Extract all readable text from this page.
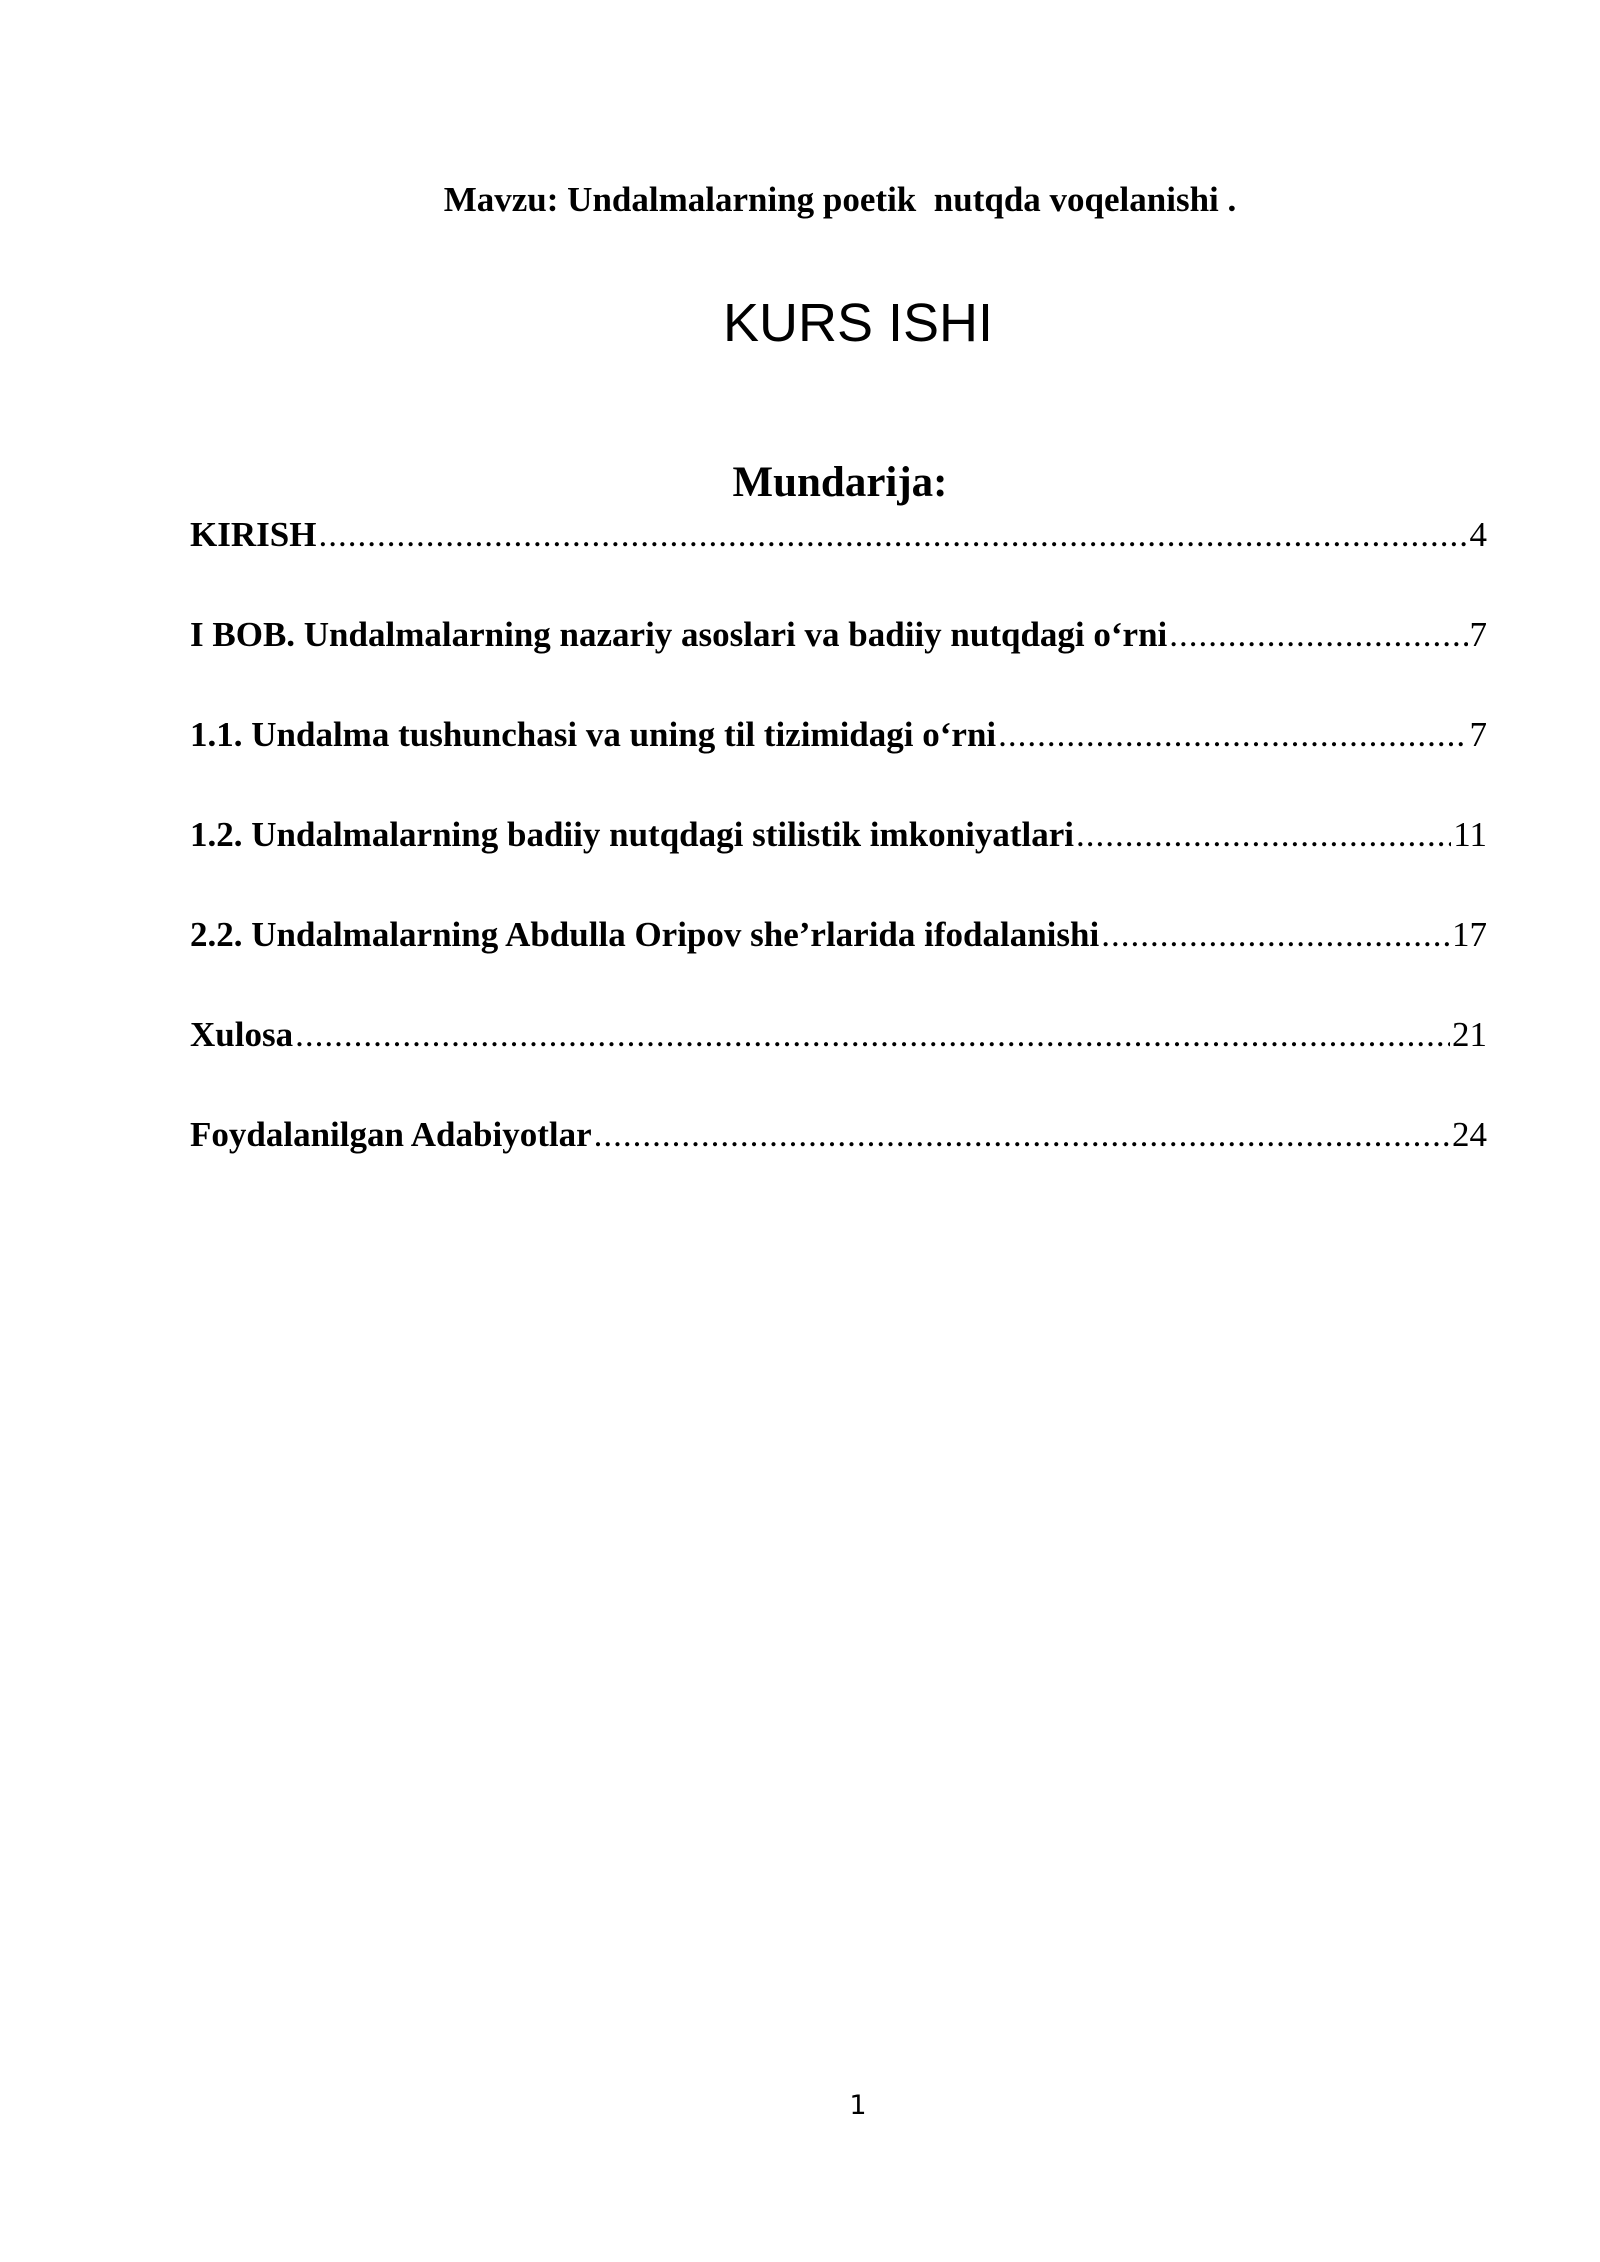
Mavzu: Undalmalarning poetik  nutqda voqelanishi .
KURS ISHI
Mundarija:
KIRISH .....	4
I BOB. Undalmalarning nazariy asoslari va badiiy nutqdagi o‘rni .....	7
1.1. Undalma tushunchasi va uning til tizimidagi o‘rni .....	7
1.2. Undalmalarning badiiy nutqdagi stilistik imkoniyatlari .....	11
2.2. Undalmalarning Abdulla Oripov she’rlarida ifodalanishi .....	17
Xulosa .....	21
Foydalanilgan Adabiyotlar .....	24
1
